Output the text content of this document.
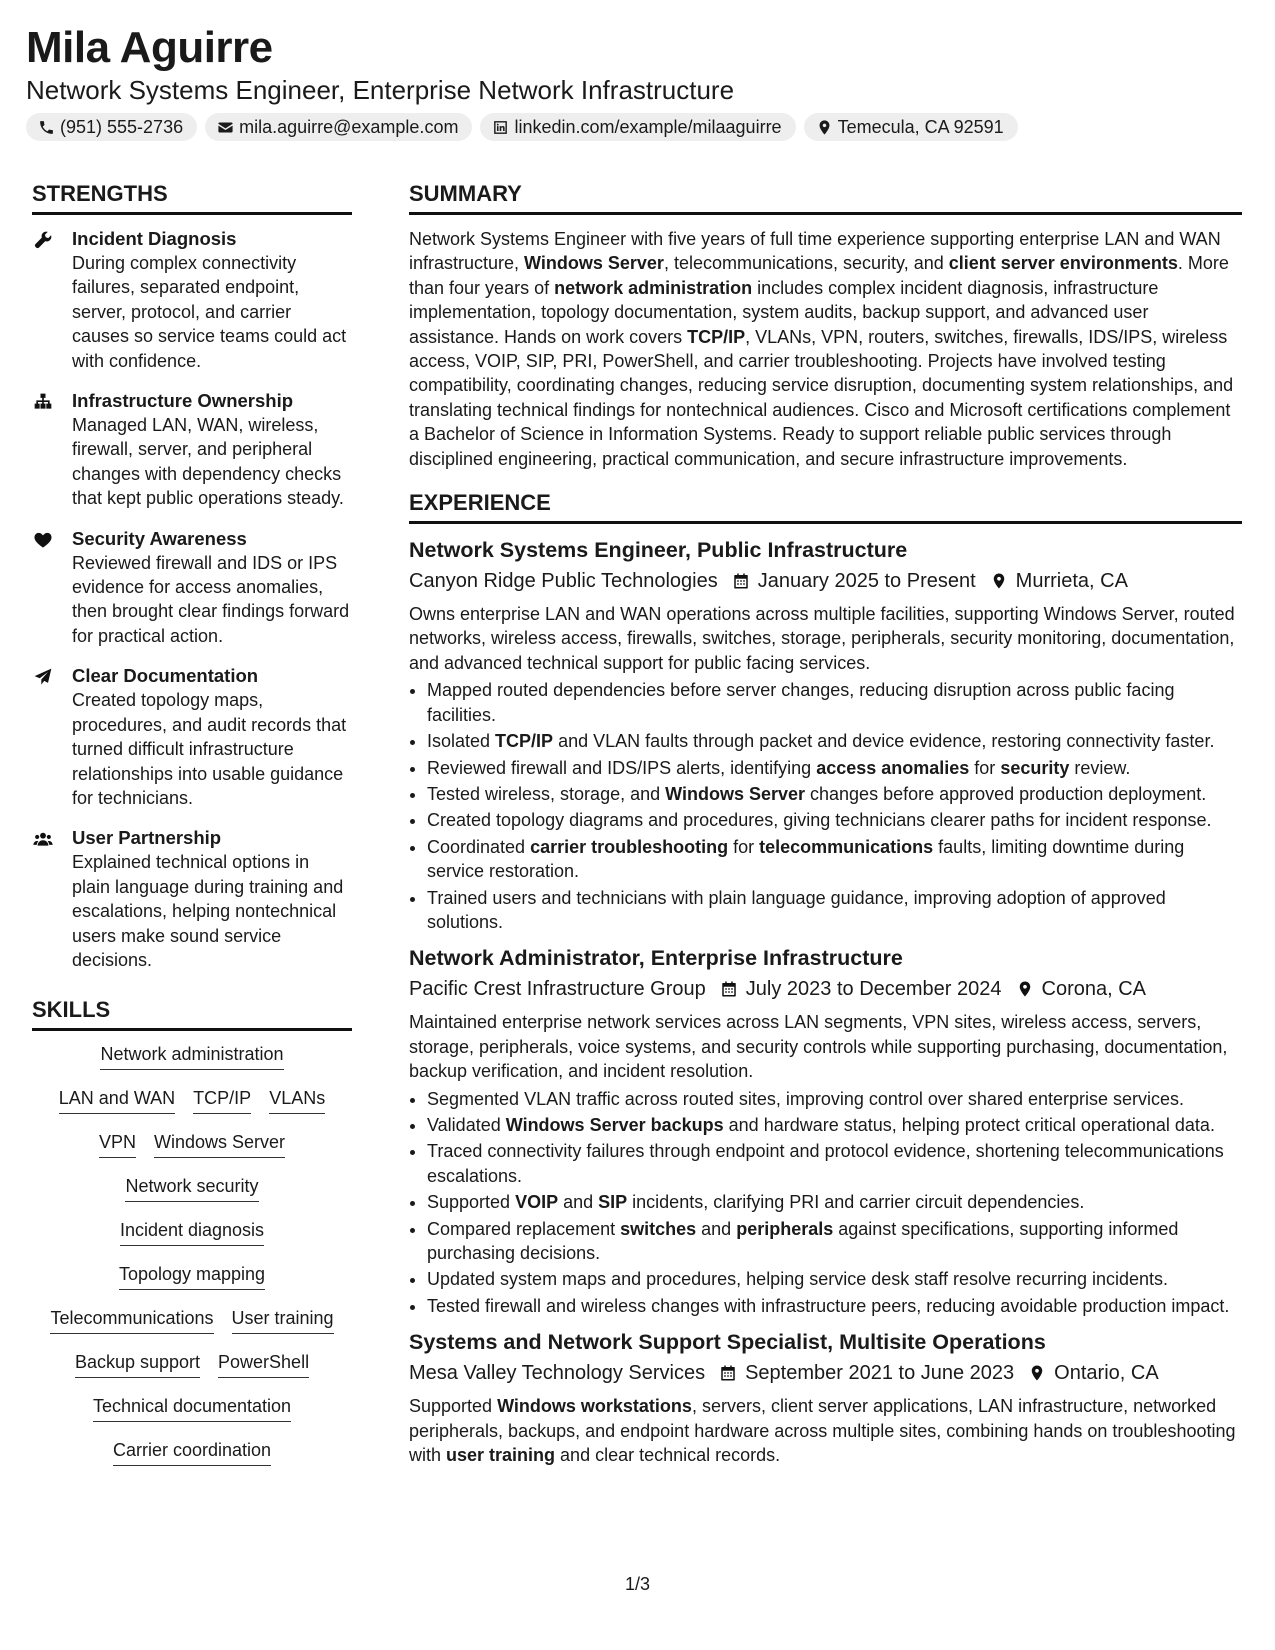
Mila Aguirre
Network Systems Engineer, Enterprise Network Infrastructure
(951) 555-2736	mila.aguirre@example.com	linkedin.com/example/milaaguirre	Temecula, CA 92591
STRENGTHS
Incident Diagnosis
During complex connectivity failures, separated endpoint, server, protocol, and carrier causes so service teams could act with confidence.
Infrastructure Ownership
Managed LAN, WAN, wireless, firewall, server, and peripheral changes with dependency checks that kept public operations steady.
Security Awareness
Reviewed firewall and IDS or IPS evidence for access anomalies, then brought clear findings forward for practical action.
Clear Documentation
Created topology maps, procedures, and audit records that turned difficult infrastructure relationships into usable guidance for technicians.
User Partnership
Explained technical options in plain language during training and escalations, helping nontechnical users make sound service decisions.
SKILLS
Network administration
LAN and WAN TCP/IP VLANs
VPN Windows Server
Network security
Incident diagnosis
Topology mapping
Telecommunications User training
Backup support PowerShell
Technical documentation
Carrier coordination
SUMMARY
Network Systems Engineer with five years of full time experience supporting enterprise LAN and WAN infrastructure, Windows Server, telecommunications, security, and client server environments. More than four years of network administration includes complex incident diagnosis, infrastructure implementation, topology documentation, system audits, backup support, and advanced user assistance. Hands on work covers TCP/IP, VLANs, VPN, routers, switches, firewalls, IDS/IPS, wireless access, VOIP, SIP, PRI, PowerShell, and carrier troubleshooting. Projects have involved testing compatibility, coordinating changes, reducing service disruption, documenting system relationships, and translating technical findings for nontechnical audiences. Cisco and Microsoft certifications complement a Bachelor of Science in Information Systems. Ready to support reliable public services through disciplined engineering, practical communication, and secure infrastructure improvements.
EXPERIENCE
Network Systems Engineer, Public Infrastructure
Canyon Ridge Public Technologies January 2025 to Present Murrieta, CA
Owns enterprise LAN and WAN operations across multiple facilities, supporting Windows Server, routed networks, wireless access, firewalls, switches, storage, peripherals, security monitoring, documentation, and advanced technical support for public facing services.
• Mapped routed dependencies before server changes, reducing disruption across public facing facilities.
• Isolated TCP/IP and VLAN faults through packet and device evidence, restoring connectivity faster.
• Reviewed firewall and IDS/IPS alerts, identifying access anomalies for security review.
• Tested wireless, storage, and Windows Server changes before approved production deployment.
• Created topology diagrams and procedures, giving technicians clearer paths for incident response.
• Coordinated carrier troubleshooting for telecommunications faults, limiting downtime during service restoration.
• Trained users and technicians with plain language guidance, improving adoption of approved solutions.
Network Administrator, Enterprise Infrastructure
Pacific Crest Infrastructure Group July 2023 to December 2024 Corona, CA
Maintained enterprise network services across LAN segments, VPN sites, wireless access, servers, storage, peripherals, voice systems, and security controls while supporting purchasing, documentation, backup verification, and incident resolution.
• Segmented VLAN traffic across routed sites, improving control over shared enterprise services.
• Validated Windows Server backups and hardware status, helping protect critical operational data.
• Traced connectivity failures through endpoint and protocol evidence, shortening telecommunications escalations.
• Supported VOIP and SIP incidents, clarifying PRI and carrier circuit dependencies.
• Compared replacement switches and peripherals against specifications, supporting informed purchasing decisions.
• Updated system maps and procedures, helping service desk staff resolve recurring incidents.
• Tested firewall and wireless changes with infrastructure peers, reducing avoidable production impact.
Systems and Network Support Specialist, Multisite Operations
Mesa Valley Technology Services September 2021 to June 2023 Ontario, CA
Supported Windows workstations, servers, client server applications, LAN infrastructure, networked peripherals, backups, and endpoint hardware across multiple sites, combining hands on troubleshooting with user training and clear technical records.
1/3
